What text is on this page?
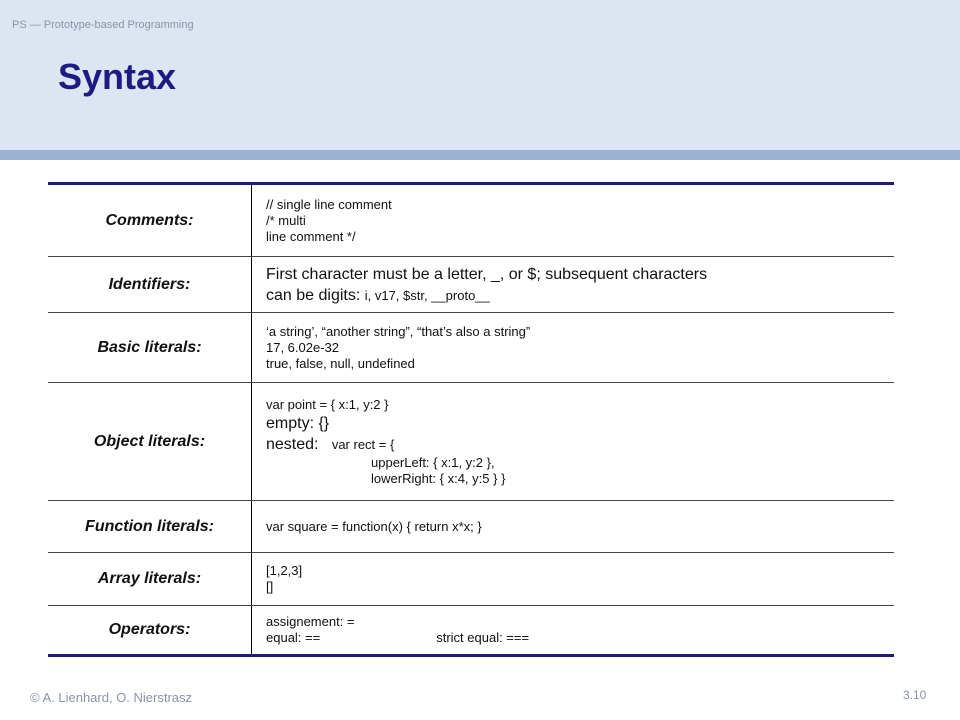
PS — Prototype-based Programming
Syntax
Comments:	// single line comment
/* multi
line comment */

Identifiers:	First character must be a letter, _, or $; subsequent characters
can be digits: i, v17, $str, __proto__

Basic literals:	‘a string’, “another string”, “that’s also a string”
17, 6.02e-32
true, false, null, undefined

Object literals:	var point = { x:1, y:2 }
empty: {}
nested: var rect = {
upperLeft: { x:1, y:2 },
lowerRight: { x:4, y:5 } }

Function literals:	var square = function(x) { return x*x; }

Array literals:	[1,2,3]
[]

Operators:	assignement: =
equal: == strict equal: ===
© A. Lienhard, O. Nierstrasz	3.10
